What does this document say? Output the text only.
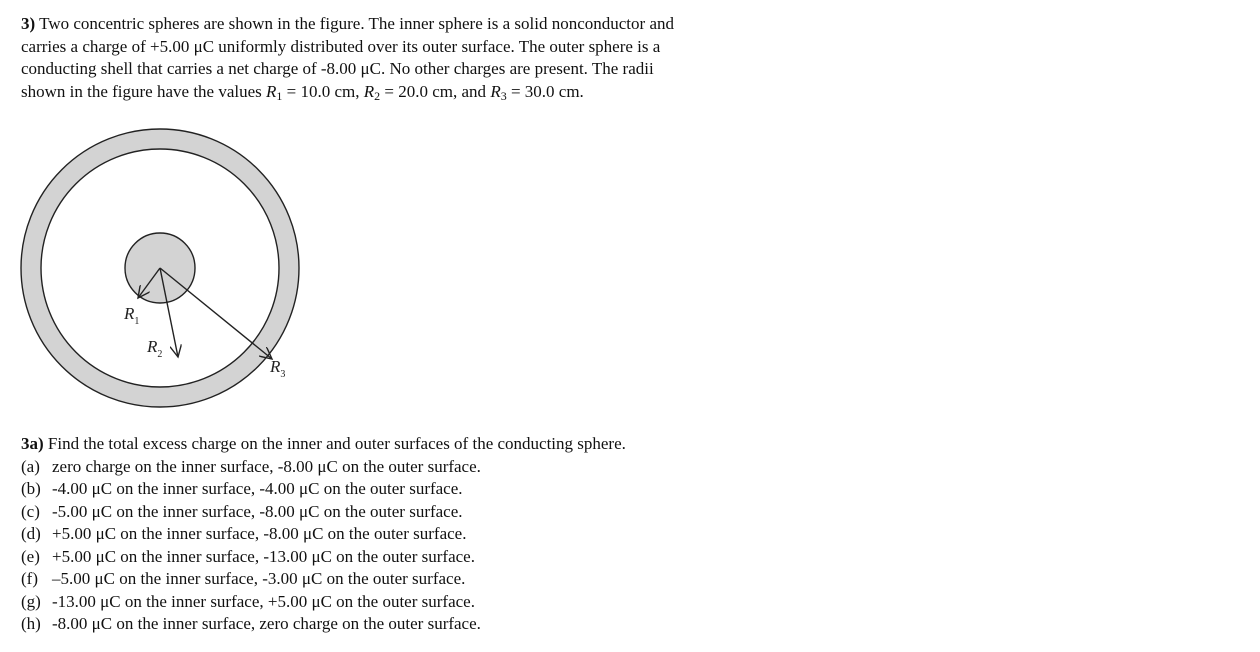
3) Two concentric spheres are shown in the figure. The inner sphere is a solid nonconductor and
carries a charge of +5.00 μC uniformly distributed over its outer surface. The outer sphere is a
conducting shell that carries a net charge of -8.00 μC. No other charges are present. The radii
shown in the figure have the values $R_1 = 10.0$ cm, $R_2 = 20.0$ cm, and $R_3 = 30.0$ cm.
$R_1$
$R_2$
$R_3$
3a) Find the total excess charge on the inner and outer surfaces of the conducting sphere.
(a) zero charge on the inner surface, -8.00 μC on the outer surface.
(b) -4.00 μC on the inner surface, -4.00 μC on the outer surface.
(c) -5.00 μC on the inner surface, -8.00 μC on the outer surface.
(d) +5.00 μC on the inner surface, -8.00 μC on the outer surface.
(e) +5.00 μC on the inner surface, -13.00 μC on the outer surface.
(f) –5.00 μC on the inner surface, -3.00 μC on the outer surface.
(g) -13.00 μC on the inner surface, +5.00 μC on the outer surface.
(h) -8.00 μC on the inner surface, zero charge on the outer surface.
